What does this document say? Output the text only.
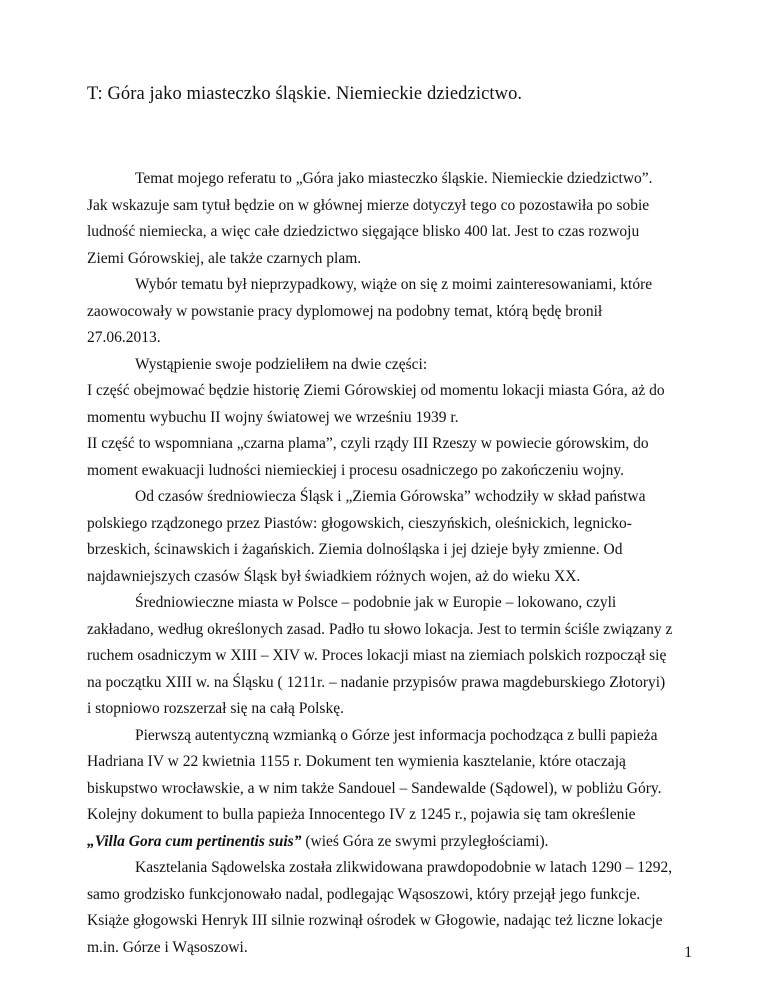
T: Góra jako miasteczko śląskie. Niemieckie dziedzictwo.

Temat mojego referatu to „Góra jako miasteczko śląskie. Niemieckie dziedzictwo”.
Jak wskazuje sam tytuł będzie on w głównej mierze dotyczył tego co pozostawiła po sobie
ludność niemiecka, a więc całe dziedzictwo sięgające blisko 400 lat. Jest to czas rozwoju
Ziemi Górowskiej, ale także czarnych plam.

Wybór tematu był nieprzypadkowy, wiąże on się z moimi zainteresowaniami, które
zaowocowały w powstanie pracy dyplomowej na podobny temat, którą będę bronił
27.06.2013.

Wystąpienie swoje podzieliłem na dwie części:

I część obejmować będzie historię Ziemi Górowskiej od momentu lokacji miasta Góra, aż do
momentu wybuchu II wojny światowej we wrześniu 1939 r.

II część to wspomniana „czarna plama”, czyli rządy III Rzeszy w powiecie górowskim, do
moment ewakuacji ludności niemieckiej i procesu osadniczego po zakończeniu wojny.

Od czasów średniowiecza Śląsk i „Ziemia Górowska” wchodziły w skład państwa
polskiego rządzonego przez Piastów: głogowskich, cieszyńskich, oleśnickich, legnicko-
brzeskich, ścinawskich i żagańskich. Ziemia dolnośląska i jej dzieje były zmienne. Od
najdawniejszych czasów Śląsk był świadkiem różnych wojen, aż do wieku XX.

Średniowieczne miasta w Polsce – podobnie jak w Europie – lokowano, czyli
zakładano, według określonych zasad. Padło tu słowo lokacja. Jest to termin ściśle związany z
ruchem osadniczym w XIII – XIV w. Proces lokacji miast na ziemiach polskich rozpoczął się
na początku XIII w. na Śląsku ( 1211r. – nadanie przypisów prawa magdeburskiego Złotoryi)
i stopniowo rozszerzał się na całą Polskę.

Pierwszą autentyczną wzmianką o Górze jest informacja pochodząca z bulli papieża
Hadriana IV w 22 kwietnia 1155 r. Dokument ten wymienia kasztelanie, które otaczają
biskupstwo wrocławskie, a w nim także Sandouel – Sandewalde (Sądowel), w pobliżu Góry.
Kolejny dokument to bulla papieża Innocentego IV z 1245 r., pojawia się tam określenie
„Villa Gora cum pertinentis suis” (wieś Góra ze swymi przyległościami).

Kasztelania Sądowelska została zlikwidowana prawdopodobnie w latach 1290 – 1292,
samo grodzisko funkcjonowało nadal, podlegając Wąsoszowi, który przejął jego funkcje.
Książe głogowski Henryk III silnie rozwinął ośrodek w Głogowie, nadając też liczne lokacje
m.in. Górze i Wąsoszowi.	1
